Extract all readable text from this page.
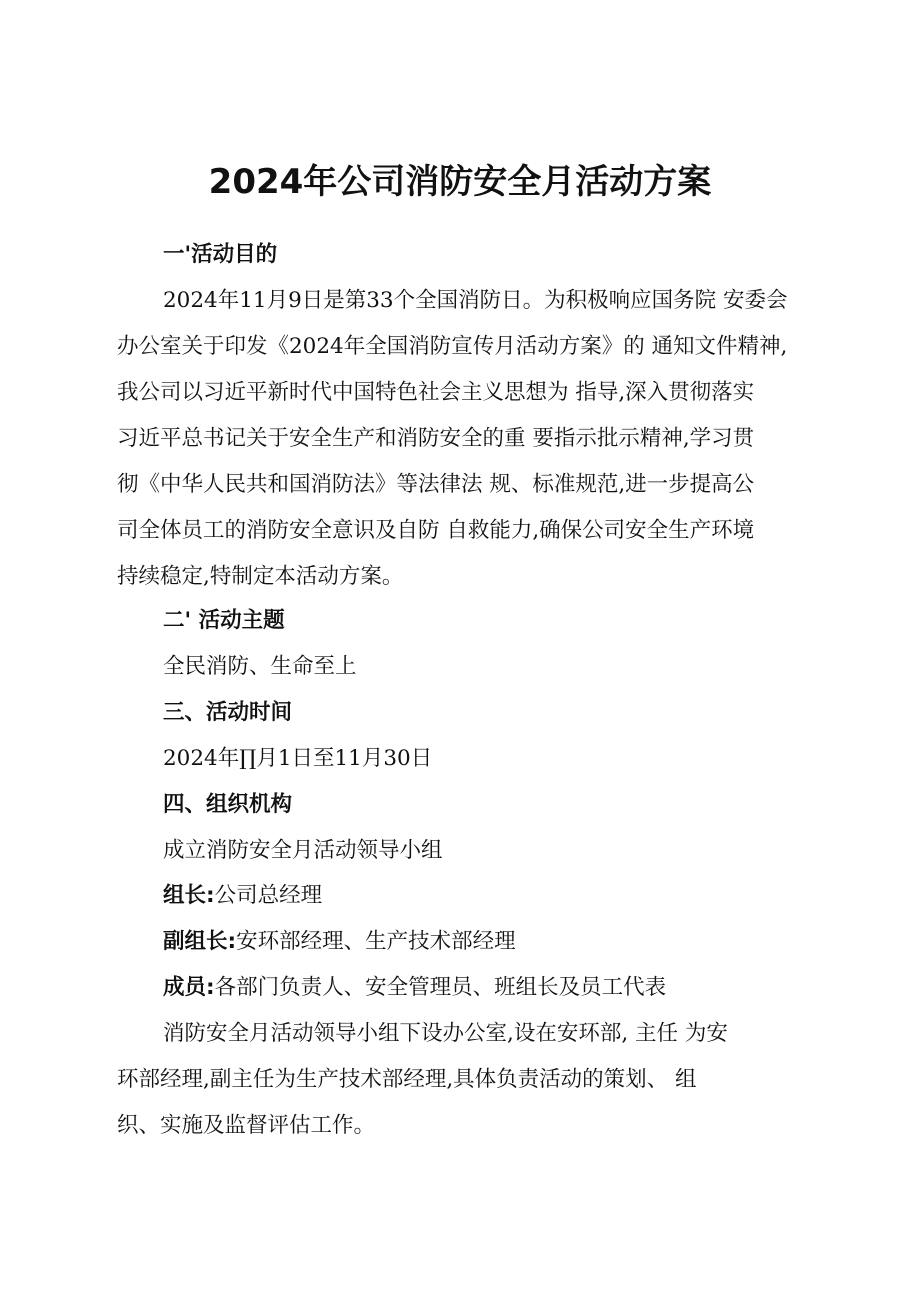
2024年公司消防安全月活动方案

一'活动目的

2024年11月9日是第33个全国消防日。为积极响应国务院 安委会

办公室关于印发《2024年全国消防宣传月活动方案》的 通知文件精神,

我公司以习近平新时代中国特色社会主义思想为 指导,深入贯彻落实

习近平总书记关于安全生产和消防安全的重 要指示批示精神,学习贯

彻《中华人民共和国消防法》等法律法 规、标准规范,进一步提高公

司全体员工的消防安全意识及自防 自救能力,确保公司安全生产环境

持续稳定,特制定本活动方案。

二' 活动主题

全民消防、生命至上

三、活动时间

2024年∏月1日至11月30日

四、组织机构

成立消防安全月活动领导小组

组长:公司总经理

副组长:安环部经理、生产技术部经理

成员:各部门负责人、安全管理员、班组长及员工代表

消防安全月活动领导小组下设办公室,设在安环部, 主任 为安

环部经理,副主任为生产技术部经理,具体负责活动的策划、 组

织、实施及监督评估工作。
